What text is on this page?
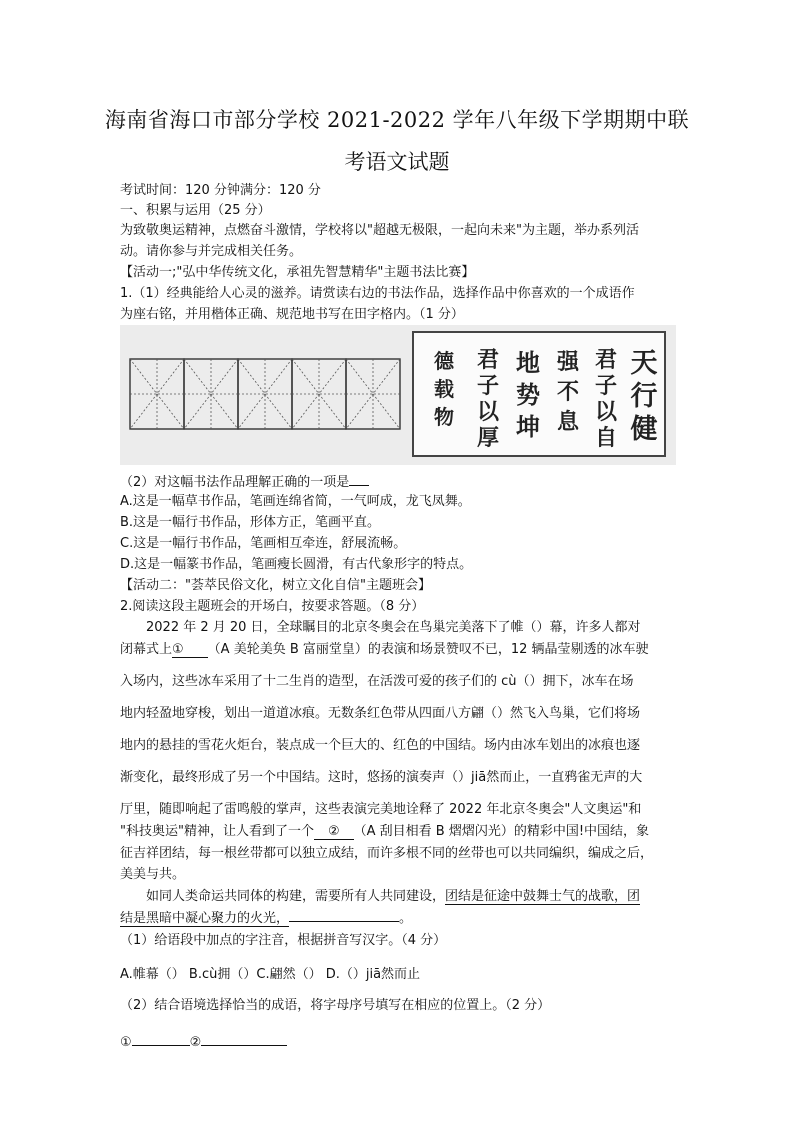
海南省海口市部分学校 2021-2022 学年八年级下学期期中联
考语文试题
考试时间：120 分钟满分：120 分
一、积累与运用（25 分）
为致敬奥运精神，点燃奋斗激情，学校将以"超越无极限，一起向未来"为主题，举办系列活
动。请你参与并完成相关任务。
【活动一;"弘中华传统文化，承祖先智慧精华"主题书法比赛】
1.（1）经典能给人心灵的滋养。请赏读右边的书法作品，选择作品中你喜欢的一个成语作
为座右铭，并用楷体正确、规范地书写在田字格内。（1 分）
天
行
健
君
子
以
自
强
不
息
地
势
坤
君
子
以
厚
德
载
物
（2）对这幅书法作品理解正确的一项是
A.这是一幅草书作品，笔画连绵省简，一气呵成，龙飞凤舞。
B.这是一幅行书作品，形体方正，笔画平直。
C.这是一幅行书作品，笔画相互牵连，舒展流畅。
D.这是一幅篆书作品，笔画瘦长圆滑，有古代象形字的特点。
【活动二："荟萃民俗文化，树立文化自信"主题班会】
2.阅读这段主题班会的开场白，按要求答题。（8 分）
2022 年 2 月 20 日，全球瞩目的北京冬奥会在鸟巢完美落下了帷（）幕，许多人都对
闭幕式上① （A 美轮美奂 B 富丽堂皇）的表演和场景赞叹不已，12 辆晶莹剔透的冰车驶
入场内，这些冰车采用了十二生肖的造型，在活泼可爱的孩子们的 cù（）拥下，冰车在场
地内轻盈地穿梭，划出一道道冰痕。无数条红色带从四面八方翩（）然飞入鸟巢，它们将场
地内的悬挂的雪花火炬台，装点成一个巨大的、红色的中国结。场内由冰车划出的冰痕也逐
渐变化，最终形成了另一个中国结。这时，悠扬的演奏声（）jiā然而止，一直鸦雀无声的大
厅里，随即响起了雷鸣般的掌声，这些表演完美地诠释了 2022 年北京冬奥会"人文奥运"和
"科技奥运"精神，让人看到了一个 ② （A 刮目相看 B 熠熠闪光）的精彩中国!中国结，象
征吉祥团结，每一根丝带都可以独立成结，而许多根不同的丝带也可以共同编织，编成之后，
美美与共。
如同人类命运共同体的构建，需要所有人共同建设，团结是征途中鼓舞士气的战歌，团
结是黑暗中凝心聚力的火光，	。
（1）给语段中加点的字注音，根据拼音写汉字。（4 分）
A.帷幕（） B.cù拥（）C.翩然（） D.（）jiā然而止
（2）结合语境选择恰当的成语，将字母序号填写在相应的位置上。（2 分）
①	②
